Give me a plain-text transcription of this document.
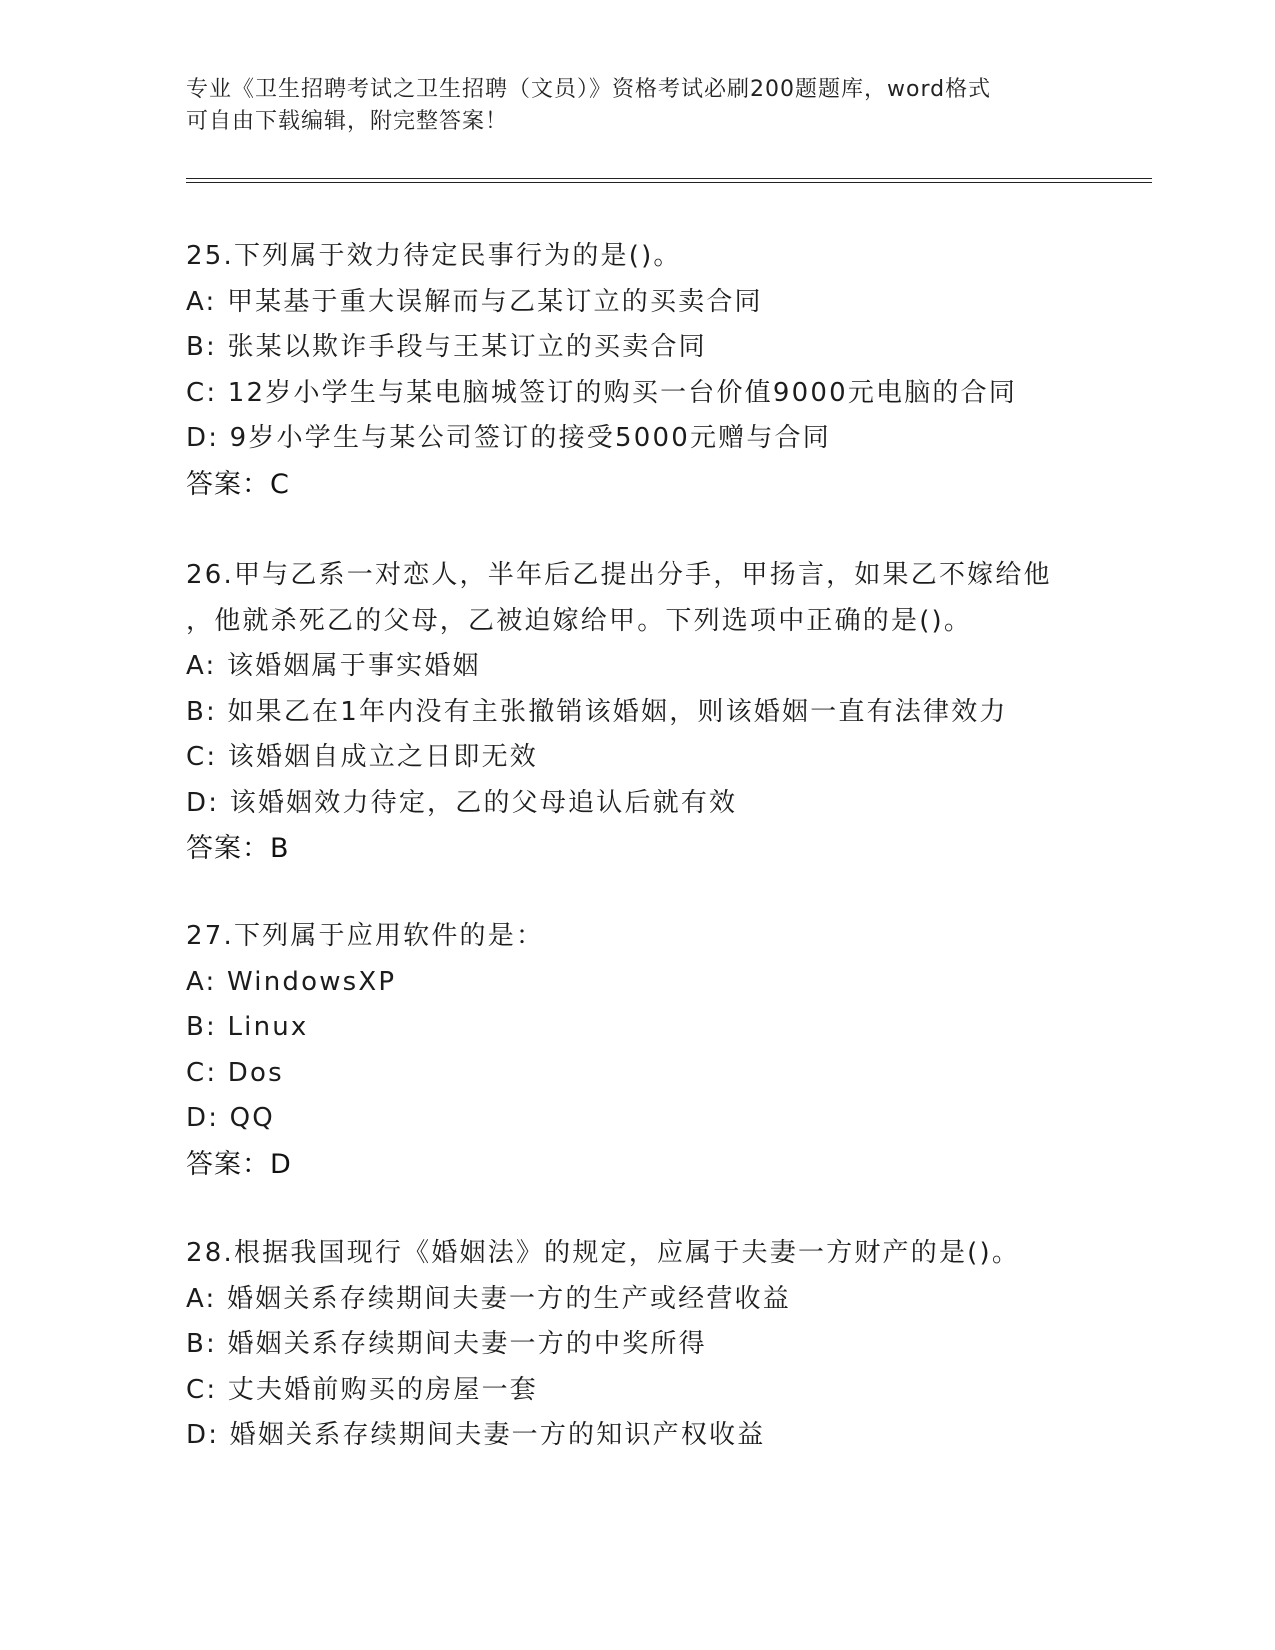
专业《卫生招聘考试之卫生招聘（文员）》资格考试必刷200题题库，word格式
可自由下载编辑，附完整答案！
25.下列属于效力待定民事行为的是()。
A: 甲某基于重大误解而与乙某订立的买卖合同
B: 张某以欺诈手段与王某订立的买卖合同
C: 12岁小学生与某电脑城签订的购买一台价值9000元电脑的合同
D: 9岁小学生与某公司签订的接受5000元赠与合同
答案：C
26.甲与乙系一对恋人，半年后乙提出分手，甲扬言，如果乙不嫁给他
，他就杀死乙的父母，乙被迫嫁给甲。下列选项中正确的是()。
A: 该婚姻属于事实婚姻
B: 如果乙在1年内没有主张撤销该婚姻，则该婚姻一直有法律效力
C: 该婚姻自成立之日即无效
D: 该婚姻效力待定，乙的父母追认后就有效
答案：B
27.下列属于应用软件的是：
A: WindowsXP
B: Linux
C: Dos
D: QQ
答案：D
28.根据我国现行《婚姻法》的规定，应属于夫妻一方财产的是()。
A: 婚姻关系存续期间夫妻一方的生产或经营收益
B: 婚姻关系存续期间夫妻一方的中奖所得
C: 丈夫婚前购买的房屋一套
D: 婚姻关系存续期间夫妻一方的知识产权收益
